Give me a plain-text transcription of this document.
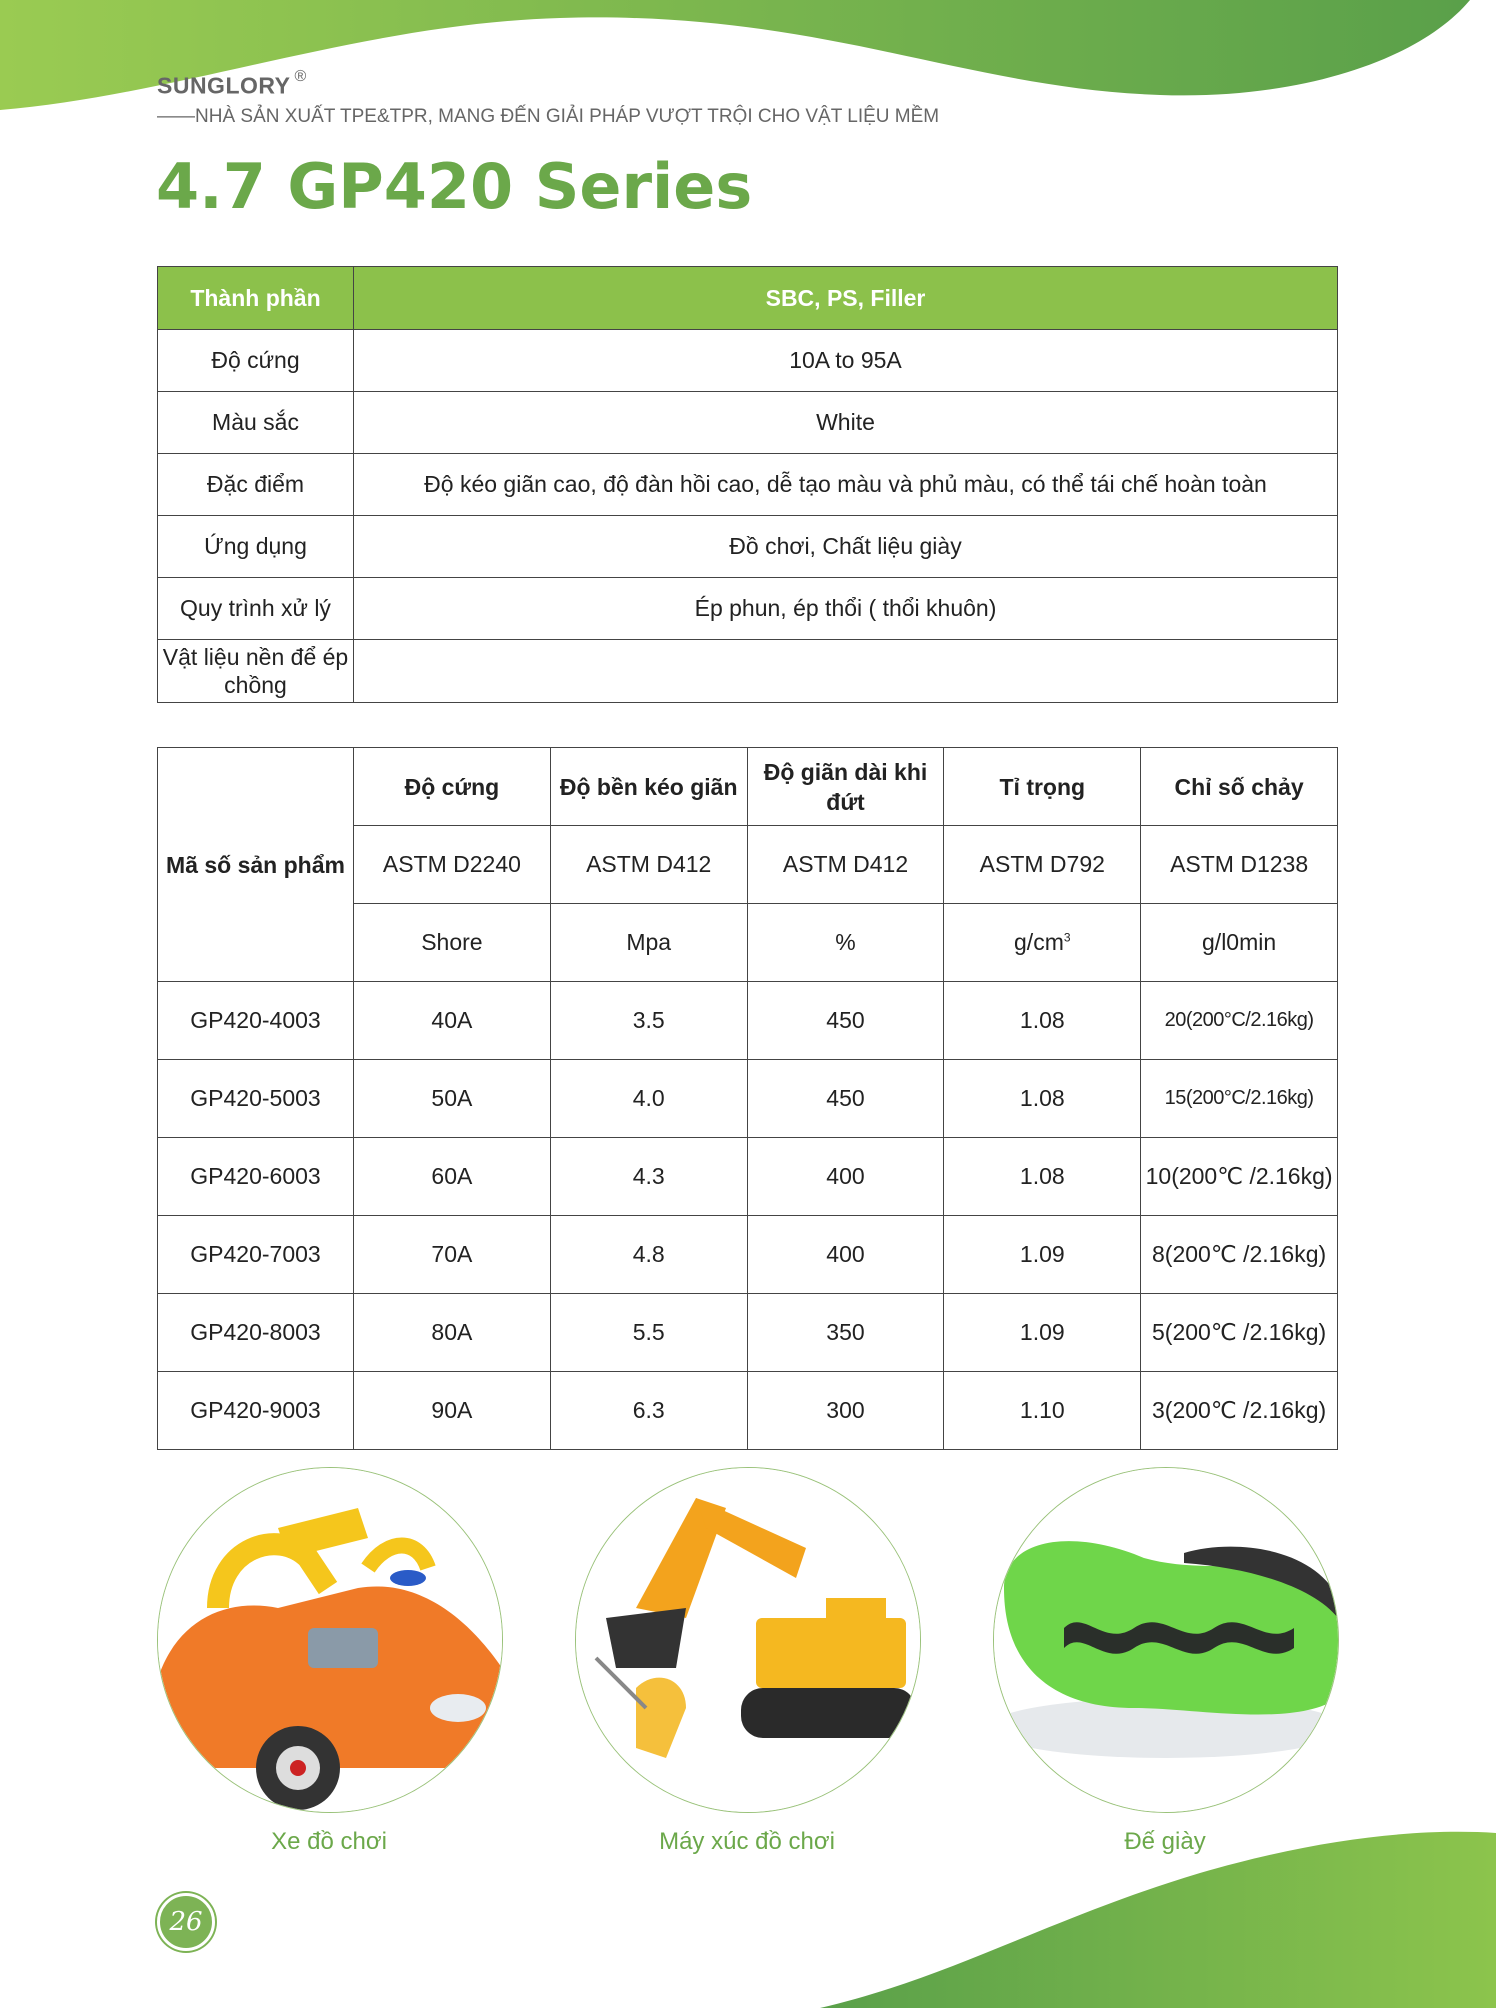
SUNGLORY ®
——NHÀ SẢN XUẤT TPE&TPR, MANG ĐẾN GIẢI PHÁP VƯỢT TRỘI CHO VẬT LIỆU MỀM
4.7 GP420 Series
Thành phần	SBC, PS, Filler
Độ cứng	10A to 95A
Màu sắc	White
Đặc điểm	Độ kéo giãn cao, độ đàn hồi cao, dễ tạo màu và phủ màu, có thể tái chế hoàn toàn
Ứng dụng	Đồ chơi, Chất liệu giày
Quy trình xử lý	Ép phun, ép thổi ( thổi khuôn)
Vật liệu nền để ép chồng	
Mã số sản phẩm	Độ cứng	Độ bền kéo giãn	Độ giãn dài khi đứt	Tỉ trọng	Chỉ số chảy
	ASTM D2240	ASTM D412	ASTM D412	ASTM D792	ASTM D1238
	Shore	Mpa	%	$g/cm^3$	g/l0min
GP420-4003	40A	3.5	450	1.08	20(200°C/2.16kg)
GP420-5003	50A	4.0	450	1.08	15(200°C/2.16kg)
GP420-6003	60A	4.3	400	1.08	10(200℃ /2.16kg)
GP420-7003	70A	4.8	400	1.09	8(200℃ /2.16kg)
GP420-8003	80A	5.5	350	1.09	5(200℃ /2.16kg)
GP420-9003	90A	6.3	300	1.10	3(200℃ /2.16kg)
Xe đồ chơi	Máy xúc đồ chơi	Đế giày
26
